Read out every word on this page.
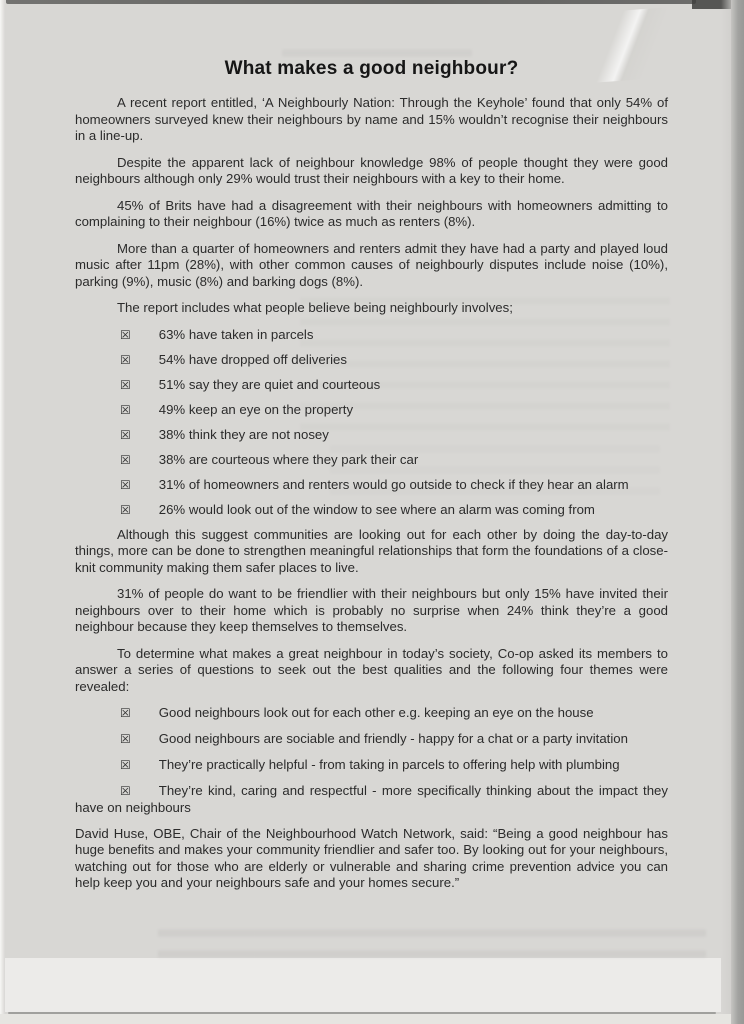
What makes a good neighbour?

A recent report entitled, ‘A Neighbourly Nation: Through the Keyhole’ found that only 54% of homeowners surveyed knew their neighbours by name and 15% wouldn’t recognise their neighbours in a line-up.

Despite the apparent lack of neighbour knowledge 98% of people thought they were good neighbours although only 29% would trust their neighbours with a key to their home.

45% of Brits have had a disagreement with their neighbours with homeowners admitting to complaining to their neighbour (16%) twice as much as renters (8%).

More than a quarter of homeowners and renters admit they have had a party and played loud music after 11pm (28%), with other common causes of neighbourly disputes include noise (10%), parking (9%), music (8%) and barking dogs (8%).

The report includes what people believe being neighbourly involves;

☒ 63% have taken in parcels
☒ 54% have dropped off deliveries
☒ 51% say they are quiet and courteous
☒ 49% keep an eye on the property
☒ 38% think they are not nosey
☒ 38% are courteous where they park their car
☒ 31% of homeowners and renters would go outside to check if they hear an alarm
☒ 26% would look out of the window to see where an alarm was coming from

Although this suggest communities are looking out for each other by doing the day-to-day things, more can be done to strengthen meaningful relationships that form the foundations of a close-knit community making them safer places to live.

31% of people do want to be friendlier with their neighbours but only 15% have invited their neighbours over to their home which is probably no surprise when 24% think they’re a good neighbour because they keep themselves to themselves.

To determine what makes a great neighbour in today’s society, Co-op asked its members to answer a series of questions to seek out the best qualities and the following four themes were revealed:

☒ Good neighbours look out for each other e.g. keeping an eye on the house
☒ Good neighbours are sociable and friendly - happy for a chat or a party invitation
☒ They’re practically helpful - from taking in parcels to offering help with plumbing
☒ They’re kind, caring and respectful - more specifically thinking about the impact they have on neighbours

David Huse, OBE, Chair of the Neighbourhood Watch Network, said: “Being a good neighbour has huge benefits and makes your community friendlier and safer too. By looking out for your neighbours, watching out for those who are elderly or vulnerable and sharing crime prevention advice you can help keep you and your neighbours safe and your homes secure.”
